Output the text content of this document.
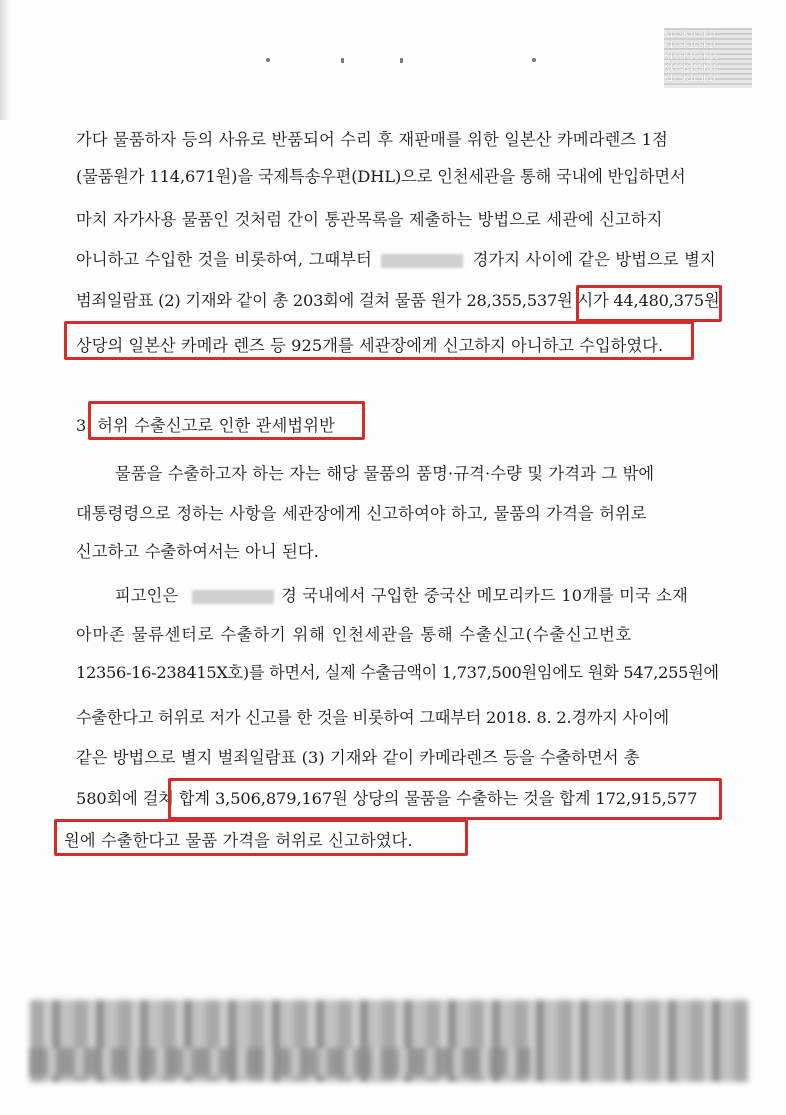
KICSKICSKIC
KICSKICSKIC
KICSKICSKIC
KICSKICSKIC
KICSKICSKIC
가다 물품하자 등의 사유로 반품되어 수리 후 재판매를 위한 일본산 카메라렌즈 1점
(물품원가 114,671원)을 국제특송우편(DHL)으로 인천세관을 통해 국내에 반입하면서
마치 자가사용 물품인 것처럼 간이 통관목록을 제출하는 방법으로 세관에 신고하지
아니하고 수입한 것을 비롯하여, 그때부터	경가지 사이에 같은 방법으로 별지
범죄일람표 (2) 기재와 같이 총 203회에 걸쳐 물품 원가 28,355,537원 시가 44,480,375원
상당의 일본산 카메라 렌즈 등 925개를 세관장에게 신고하지 아니하고 수입하였다.
3. 허위 수출신고로 인한 관세법위반
물품을 수출하고자 하는 자는 해당 물품의 품명·규격·수량 및 가격과 그 밖에
대통령령으로 정하는 사항을 세관장에게 신고하여야 하고, 물품의 가격을 허위로
신고하고 수출하여서는 아니 된다.
피고인은	경 국내에서 구입한 중국산 메모리카드 10개를 미국 소재
아마존 물류센터로 수출하기 위해 인천세관을 통해 수출신고(수출신고번호
12356-16-238415X호)를 하면서, 실제 수출금액이 1,737,500원임에도 원화 547,255원에
수출한다고 허위로 저가 신고를 한 것을 비롯하여 그때부터 2018. 8. 2.경까지 사이에
같은 방법으로 별지 벌죄일람표 (3) 기재와 같이 카메라렌즈 등을 수출하면서 총
580회에 걸쳐 합계 3,506,879,167원 상당의 물품을 수출하는 것을 합계 172,915,577
원에 수출한다고 물품 가격을 허위로 신고하였다.
